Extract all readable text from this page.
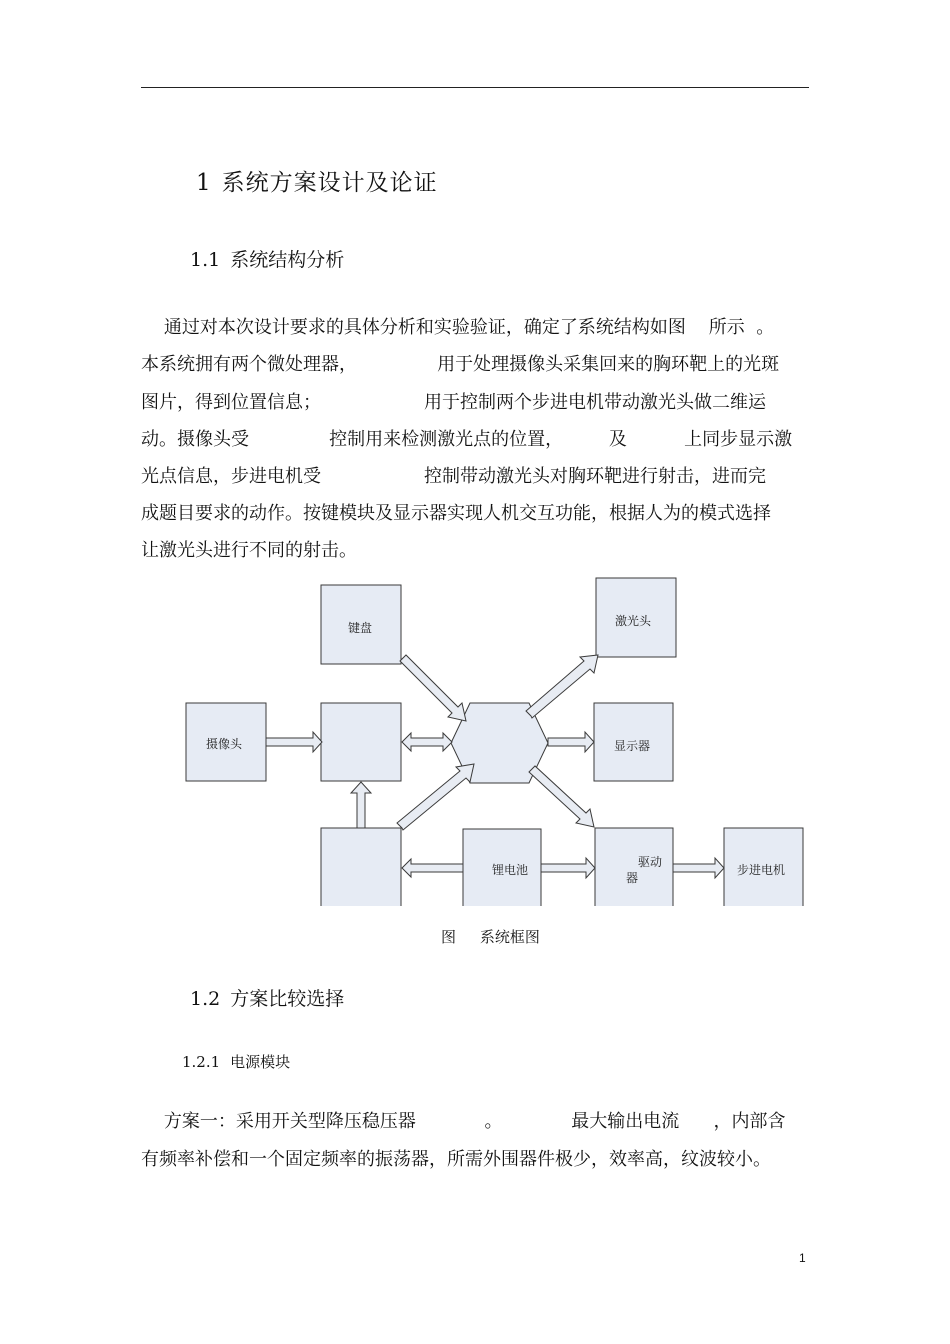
1 系统方案设计及论证
1.1 系统结构分析
通过对本次设计要求的具体分析和实验验证，确定了系统结构如图    所示  。
本系统拥有两个微处理器，              用于处理摄像头采集回来的胸环靶上的光斑
图片，得到位置信息；                  用于控制两个步进电机带动激光头做二维运
动。摄像头受              控制用来检测激光点的位置，        及          上同步显示激
光点信息，步进电机受                  控制带动激光头对胸环靶进行射击，进而完
成题目要求的动作。按键模块及显示器实现人机交互功能，根据人为的模式选择
让激光头进行不同的射击。
键盘	激光头
摄像头	显示器
锂电池
驱动
器
步进电机
图     系统框图
1.2 方案比较选择
1.2.1 电源模块
方案一：采用开关型降压稳压器            。            最大输出电流      ，内部含
有频率补偿和一个固定频率的振荡器，所需外围器件极少，效率高，纹波较小。
1
